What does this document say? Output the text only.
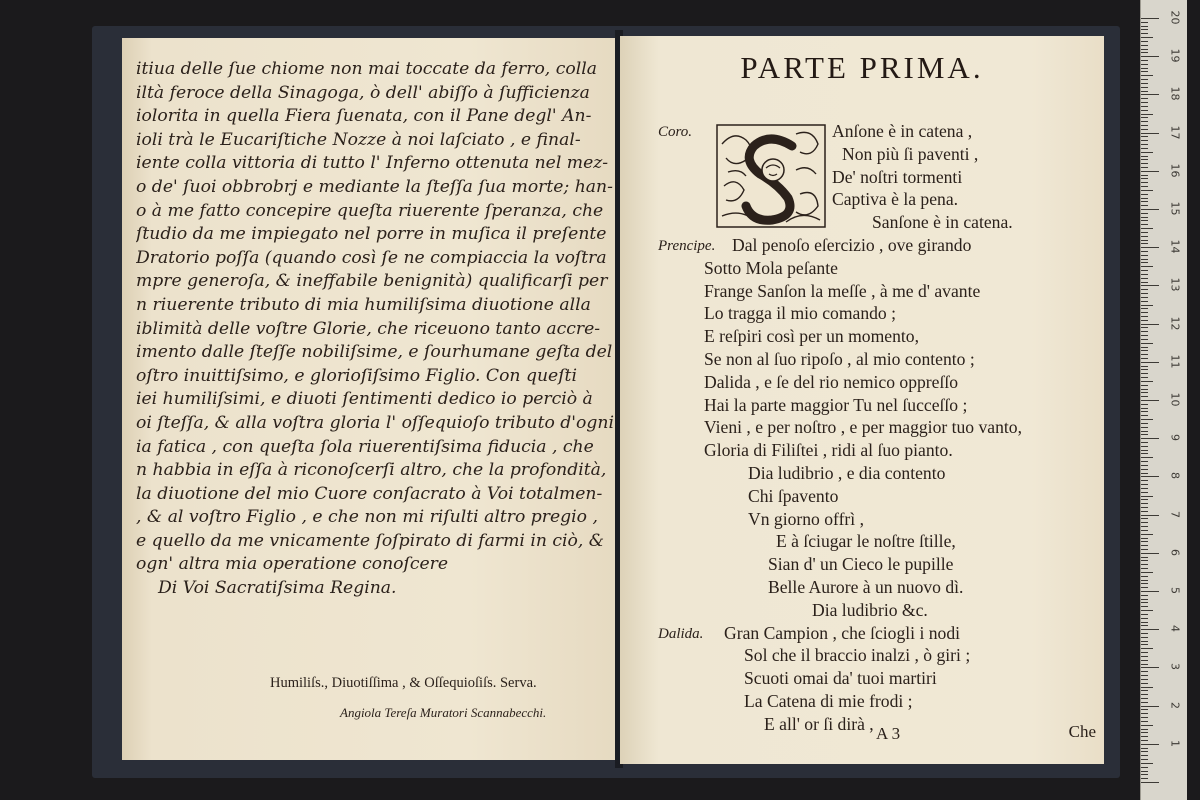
itiua delle ſue chiome non mai toccate da ferro, colla
iltà feroce della Sinagoga, ò dell' abiſſo à ſufficienza
iolorita in quella Fiera ſuenata, con il Pane degl' An-
ioli trà le Eucariſtiche Nozze à noi laſciato , e final-
iente colla vittoria di tutto l' Inferno ottenuta nel mez-
o de' ſuoi obbrobrj e mediante la ſteſſa ſua morte; han-
o à me fatto concepire queſta riuerente ſperanza, che
ſtudio da me impiegato nel porre in muſica il preſente
Dratorio poſſa (quando così ſe ne compiaccia la voſtra
mpre generoſa, & ineffabile benignità) qualificarſi per
n riuerente tributo di mia humiliſsima diuotione alla
iblimità delle voſtre Glorie, che riceuono tanto accre-
imento dalle ſteſſe nobiliſsime, e ſourhumane geſta del
oſtro inuittiſsimo, e glorioſiſsimo Figlio. Con queſti
iei humiliſsimi, e diuoti ſentimenti dedico io perciò à
oi ſteſſa, & alla voſtra gloria l' oſſequioſo tributo d'ogni
ia fatica , con queſta ſola riuerentiſsima fiducia , che
n habbia in eſſa à riconoſcerſi altro, che la profondità,
la diuotione del mio Cuore conſacrato à Voi totalmen-
, & al voſtro Figlio , e che non mi riſulti altro pregio ,
e quello da me vnicamente ſoſpirato di farmi in ciò, &
ogn' altra mia operatione conoſcere
Di Voi Sacratiſsima Regina.
Humiliſs., Diuotiſſima , & Oſſequioſiſs. Serva.
Angiola Tereſa Muratori Scannabecchi.
PARTE PRIMA.
Coro.	Anſone è in catena ,
Non più ſi paventi ,
De' noſtri tormenti
Captiva è la pena.
Sanſone è in catena.
Prencipe. Dal penoſo eſercizio , ove girando
Sotto Mola peſante
Frange Sanſon la meſſe , à me d' avante
Lo tragga il mio comando ;
E reſpiri così per un momento,
Se non al ſuo ripoſo , al mio contento ;
Dalida , e ſe del rio nemico oppreſſo
Hai la parte maggior Tu nel ſucceſſo ;
Vieni , e per noſtro , e per maggior tuo vanto,
Gloria di Filiſtei , ridi al ſuo pianto.
Dia ludibrio , e dia contento
Chi ſpavento
Vn giorno offrì ,
E à ſciugar le noſtre ſtille,
Sian d' un Cieco le pupille
Belle Aurore à un nuovo dì.
Dia ludibrio &c.
Dalida. Gran Campion , che ſciogli i nodi
Sol che il braccio inalzi , ò giri ;
Scuoti omai da' tuoi martiri
La Catena di mie frodi ;
E all' or ſi dirà , A 3	Che
20
19
18
17
16
15
14
13
12
11
10
9
8
7
6
5
4
3
2
1
